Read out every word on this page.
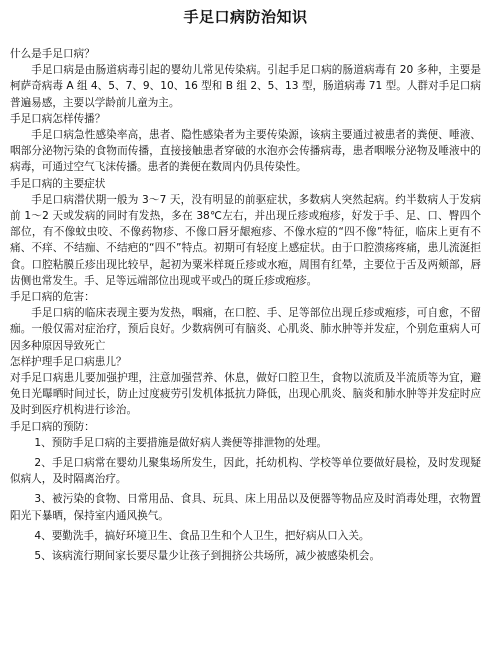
手足口病防治知识

什么是手足口病？

手足口病是由肠道病毒引起的婴幼儿常见传染病。引起手足口病的肠道病毒有 20 多种，主要是柯萨奇病毒 A 组 4、5、7、9、10、16 型和 B 组 2、5、13 型，肠道病毒 71 型。人群对手足口病普遍易感，主要以学龄前儿童为主。

手足口病怎样传播？

手足口病急性感染率高，患者、隐性感染者为主要传染源，该病主要通过被患者的粪便、唾液、咽部分泌物污染的食物而传播，直接接触患者穿破的水泡亦会传播病毒，患者咽喉分泌物及唾液中的病毒，可通过空气飞沫传播。患者的粪便在数周内仍具传染性。

手足口病的主要症状

手足口病潜伏期一般为 3～7 天，没有明显的前驱症状，多数病人突然起病。约半数病人于发病前 1～2 天或发病的同时有发热，多在 38℃左右，并出现丘疹或疱疹，好发于手、足、口、臀四个部位，有不像蚊虫咬、不像药物疹、不像口唇牙龈疱疹、不像水痘的“四不像”特征，临床上更有不痛、不痒、不结痂、不结疤的“四不”特点。初期可有轻度上感症状。由于口腔溃疡疼痛，患儿流涎拒食。口腔粘膜丘疹出现比较早，起初为粟米样斑丘疹或水疱，周围有红晕，主要位于舌及两颊部，唇齿侧也常发生。手、足等远端部位出现或平或凸的斑丘疹或疱疹。

手足口病的危害：

手足口病的临床表现主要为发热，咽痛，在口腔、手、足等部位出现丘疹或疱疹，可自愈，不留痂。一般仅需对症治疗，预后良好。少数病例可有脑炎、心肌炎、肺水肿等并发症，个别危重病人可因多种原因导致死亡

怎样护理手足口病患儿？

对手足口病患儿要加强护理，注意加强营养、休息，做好口腔卫生，食物以流质及半流质等为宜，避免日光曝晒时间过长，防止过度疲劳引发机体抵抗力降低，出现心肌炎、脑炎和肺水肿等并发症时应及时到医疗机构进行诊治。

手足口病的预防：

1、预防手足口病的主要措施是做好病人粪便等排泄物的处理。

2、手足口病常在婴幼儿聚集场所发生，因此，托幼机构、学校等单位要做好晨检，及时发现疑似病人，及时隔离治疗。

3、被污染的食物、日常用品、食具、玩具、床上用品以及便器等物品应及时消毒处理，衣物置阳光下暴晒，保持室内通风换气。

4、要勤洗手，搞好环境卫生、食品卫生和个人卫生，把好病从口入关。

5、该病流行期间家长要尽量少让孩子到拥挤公共场所，减少被感染机会。
